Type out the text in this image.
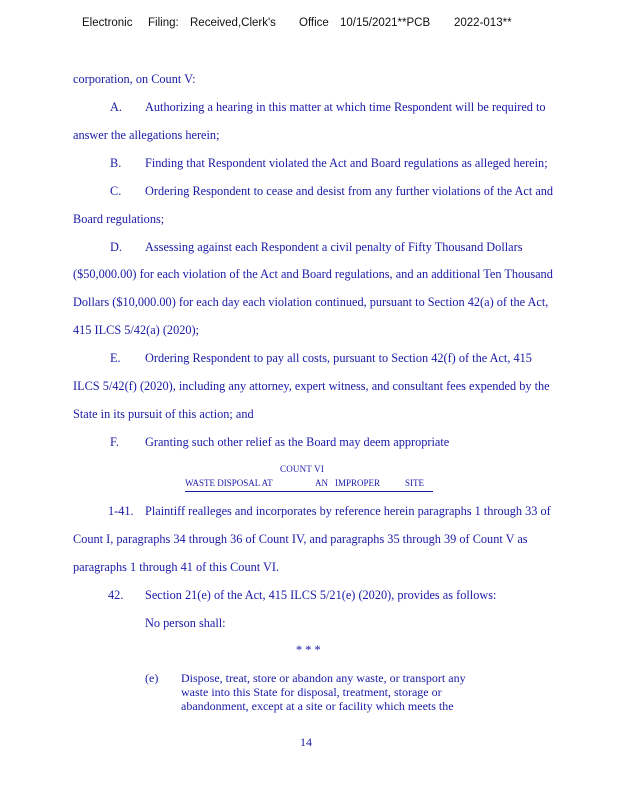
Electronic Filing: Received,Clerk's Office 10/15/2021**PCB 2022-013**
corporation, on Count V:
A. Authorizing a hearing in this matter at which time Respondent will be required to
answer the allegations herein;
B. Finding that Respondent violated the Act and Board regulations as alleged herein;
C. Ordering Respondent to cease and desist from any further violations of the Act and
Board regulations;
D. Assessing against each Respondent a civil penalty of Fifty Thousand Dollars
($50,000.00) for each violation of the Act and Board regulations, and an additional Ten Thousand
Dollars ($10,000.00) for each day each violation continued, pursuant to Section 42(a) of the Act,
415 ILCS 5/42(a) (2020);
E. Ordering Respondent to pay all costs, pursuant to Section 42(f) of the Act, 415
ILCS 5/42(f) (2020), including any attorney, expert witness, and consultant fees expended by the
State in its pursuit of this action; and
F. Granting such other relief as the Board may deem appropriate
COUNT VI
WASTE DISPOSAL AT	AN IMPROPER	SITE
1-41. Plaintiff realleges and incorporates by reference herein paragraphs 1 through 33 of
Count I, paragraphs 34 through 36 of Count IV, and paragraphs 35 through 39 of Count V as
paragraphs 1 through 41 of this Count VI.
42. Section 21(e) of the Act, 415 ILCS 5/21(e) (2020), provides as follows:
No person shall:
* * *
(e) Dispose, treat, store or abandon any waste, or transport any
waste into this State for disposal, treatment, storage or
abandonment, except at a site or facility which meets the
14
